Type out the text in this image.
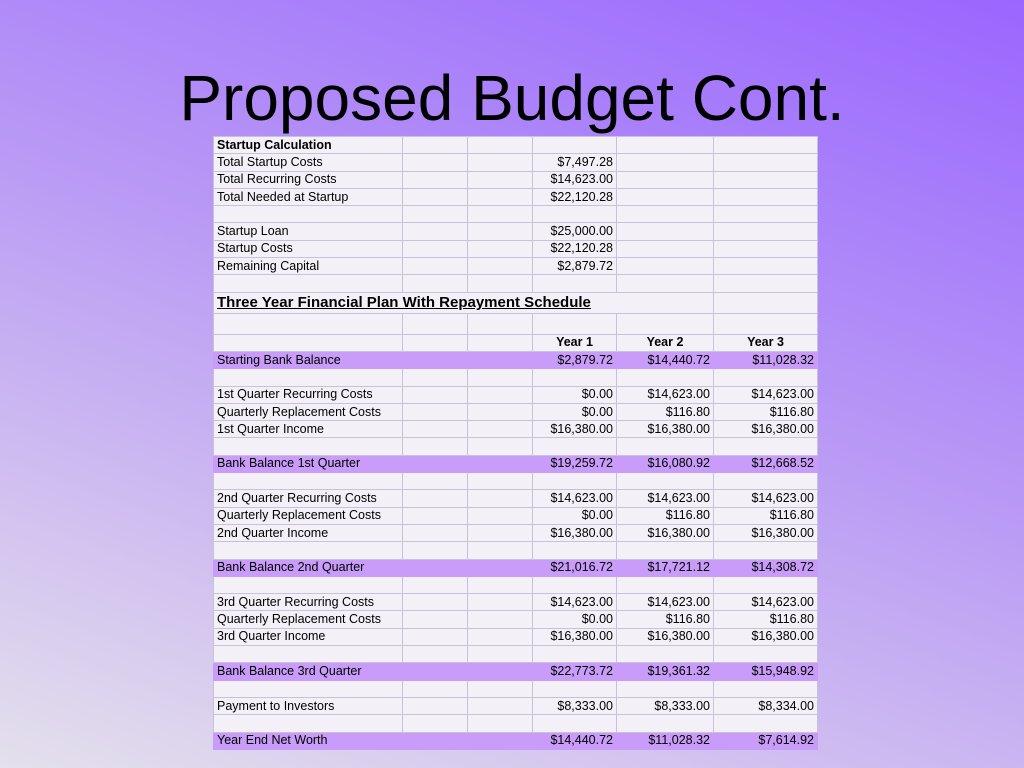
Proposed Budget Cont.
Startup Calculation					
Total Startup Costs			$7,497.28		
Total Recurring Costs			$14,623.00		
Total Needed at Startup			$22,120.28		

Startup Loan			$25,000.00		
Startup Costs			$22,120.28		
Remaining Capital			$2,879.72		

Three Year Financial Plan With Repayment Schedule					

			Year 1	Year 2	Year 3
Starting Bank Balance			$2,879.72	$14,440.72	$11,028.32

1st Quarter Recurring Costs			$0.00	$14,623.00	$14,623.00
Quarterly Replacement Costs			$0.00	$116.80	$116.80
1st Quarter Income			$16,380.00	$16,380.00	$16,380.00

Bank Balance 1st Quarter			$19,259.72	$16,080.92	$12,668.52

2nd Quarter Recurring Costs			$14,623.00	$14,623.00	$14,623.00
Quarterly Replacement Costs			$0.00	$116.80	$116.80
2nd Quarter Income			$16,380.00	$16,380.00	$16,380.00

Bank Balance 2nd Quarter			$21,016.72	$17,721.12	$14,308.72

3rd Quarter Recurring Costs			$14,623.00	$14,623.00	$14,623.00
Quarterly Replacement Costs			$0.00	$116.80	$116.80
3rd Quarter Income			$16,380.00	$16,380.00	$16,380.00

Bank Balance 3rd Quarter			$22,773.72	$19,361.32	$15,948.92

Payment to Investors			$8,333.00	$8,333.00	$8,334.00

Year End Net Worth			$14,440.72	$11,028.32	$7,614.92
